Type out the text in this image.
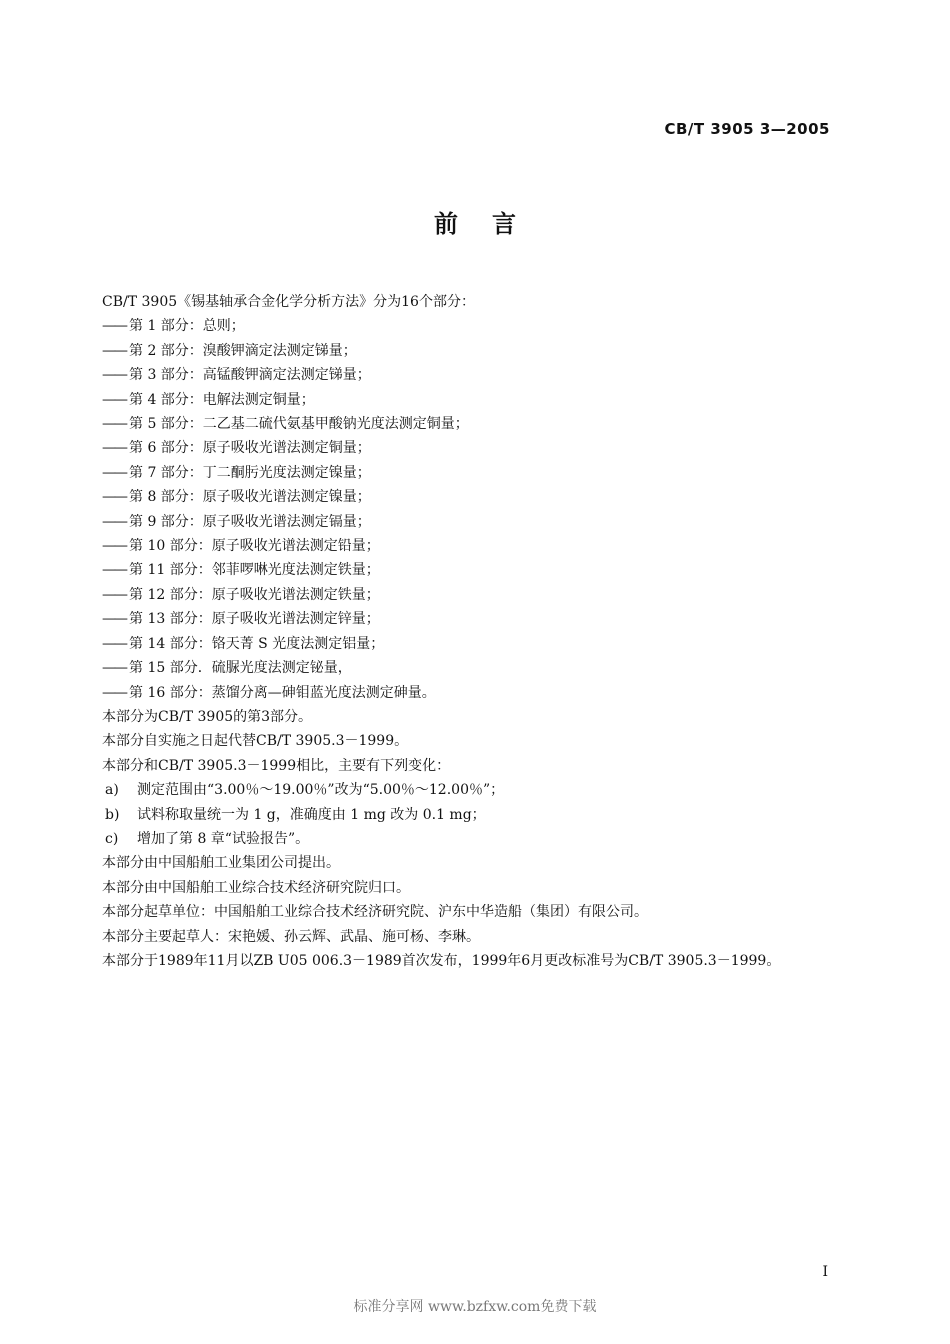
CB/T 3905 3—2005
前言
CB/T 3905《锡基轴承合金化学分析方法》分为16个部分：
—— 第 1 部分：总则；
—— 第 2 部分：溴酸钾滴定法测定锑量；
—— 第 3 部分：高锰酸钾滴定法测定锑量；
—— 第 4 部分：电解法测定铜量；
—— 第 5 部分：二乙基二硫代氨基甲酸钠光度法测定铜量；
—— 第 6 部分：原子吸收光谱法测定铜量；
—— 第 7 部分：丁二酮肟光度法测定镍量；
—— 第 8 部分：原子吸收光谱法测定镍量；
—— 第 9 部分：原子吸收光谱法测定镉量；
—— 第 10 部分：原子吸收光谱法测定铅量；
—— 第 11 部分：邻菲啰啉光度法测定铁量；
—— 第 12 部分：原子吸收光谱法测定铁量；
—— 第 13 部分：原子吸收光谱法测定锌量；
—— 第 14 部分：铬天菁 S 光度法测定铝量；
—— 第 15 部分．硫脲光度法测定铋量，
—— 第 16 部分：蒸馏分离—砷钼蓝光度法测定砷量。
本部分为CB/T 3905的第3部分。
本部分自实施之日起代替CB/T 3905.3－1999。
本部分和CB/T 3905.3－1999相比，主要有下列变化：
a) 测定范围由“3.00％～19.00％”改为“5.00％～12.00％”；
b) 试料称取量统一为 1 g，准确度由 1 mg 改为 0.1 mg；
c) 增加了第 8 章“试验报告”。
本部分由中国船舶工业集团公司提出。
本部分由中国船舶工业综合技术经济研究院归口。
本部分起草单位：中国船舶工业综合技术经济研究院、沪东中华造船（集团）有限公司。
本部分主要起草人：宋艳媛、孙云辉、武晶、施可杨、李琳。
本部分于1989年11月以ZB U05 006.3－1989首次发布，1999年6月更改标准号为CB/T 3905.3－1999。
I
标准分享网 www.bzfxw.com免费下载
